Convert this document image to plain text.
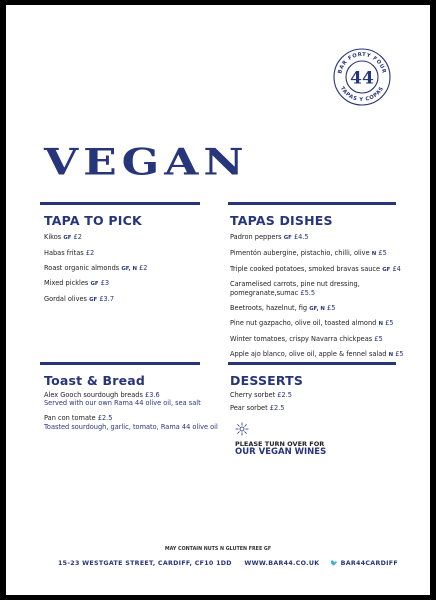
BAR FORTY FOUR
TAPAS Y COPAS
44
VEGAN
TAPA TO PICK
Kikos GF £2
Habas fritas £2
Roast organic almonds GF, N £2
Mixed pickles GF £3
Gordal olives GF £3.7
TAPAS DISHES
Padron peppers GF £4.5
Pimentón aubergine, pistachio, chilli, olive N £5
Triple cooked potatoes, smoked bravas sauce GF £4
Caramelised carrots, pine nut dressing,
pomegranate,sumac £5.5
Beetroots, hazelnut, fig GF, N £5
Pine nut gazpacho, olive oil, toasted almond N £5
Winter tomatoes, crispy Navarra chickpeas £5
Apple ajo blanco, olive oil, apple & fennel salad N £5
Toast & Bread
Alex Gooch sourdough breads £3.6
Served with our own Rama 44 olive oil, sea salt
Pan con tomate £2.5
Toasted sourdough, garlic, tomato, Rama 44 olive oil
DESSERTS
Cherry sorbet £2.5
Pear sorbet £2.5
PLEASE TURN OVER FOR
OUR VEGAN WINES
MAY CONTAIN NUTS N GLUTEN FREE GF
15-23 WESTGATE STREET, CARDIFF, CF10 1DD WWW.BAR44.CO.UK 🐦 BAR44CARDIFF
